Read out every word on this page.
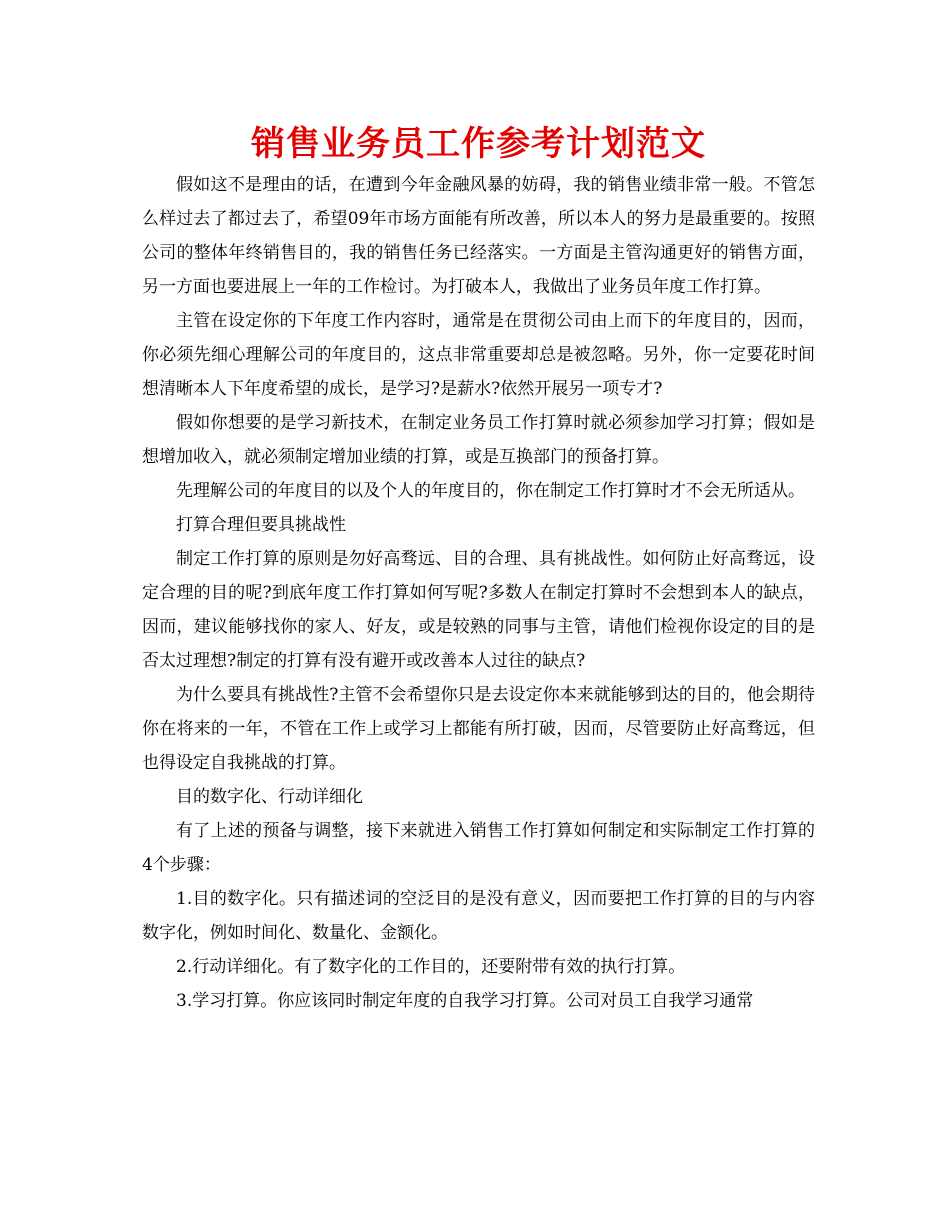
销售业务员工作参考计划范文

假如这不是理由的话，在遭到今年金融风暴的妨碍，我的销售业绩非常一般。不管怎么样过去了都过去了，希望09年市场方面能有所改善，所以本人的努力是最重要的。按照公司的整体年终销售目的，我的销售任务已经落实。一方面是主管沟通更好的销售方面，另一方面也要进展上一年的工作检讨。为打破本人，我做出了业务员年度工作打算。

主管在设定你的下年度工作内容时，通常是在贯彻公司由上而下的年度目的，因而，你必须先细心理解公司的年度目的，这点非常重要却总是被忽略。另外，你一定要花时间想清晰本人下年度希望的成长，是学习?是薪水?依然开展另一项专才?

假如你想要的是学习新技术，在制定业务员工作打算时就必须参加学习打算；假如是想增加收入，就必须制定增加业绩的打算，或是互换部门的预备打算。

先理解公司的年度目的以及个人的年度目的，你在制定工作打算时才不会无所适从。

打算合理但要具挑战性

制定工作打算的原则是勿好高骛远、目的合理、具有挑战性。如何防止好高骛远，设定合理的目的呢?到底年度工作打算如何写呢?多数人在制定打算时不会想到本人的缺点，因而，建议能够找你的家人、好友，或是较熟的同事与主管，请他们检视你设定的目的是否太过理想?制定的打算有没有避开或改善本人过往的缺点?

为什么要具有挑战性?主管不会希望你只是去设定你本来就能够到达的目的，他会期待你在将来的一年，不管在工作上或学习上都能有所打破，因而，尽管要防止好高骛远，但也得设定自我挑战的打算。

目的数字化、行动详细化

有了上述的预备与调整，接下来就进入销售工作打算如何制定和实际制定工作打算的4个步骤：

1.目的数字化。只有描述词的空泛目的是没有意义，因而要把工作打算的目的与内容数字化，例如时间化、数量化、金额化。

2.行动详细化。有了数字化的工作目的，还要附带有效的执行打算。

3.学习打算。你应该同时制定年度的自我学习打算。公司对员工自我学习通常
